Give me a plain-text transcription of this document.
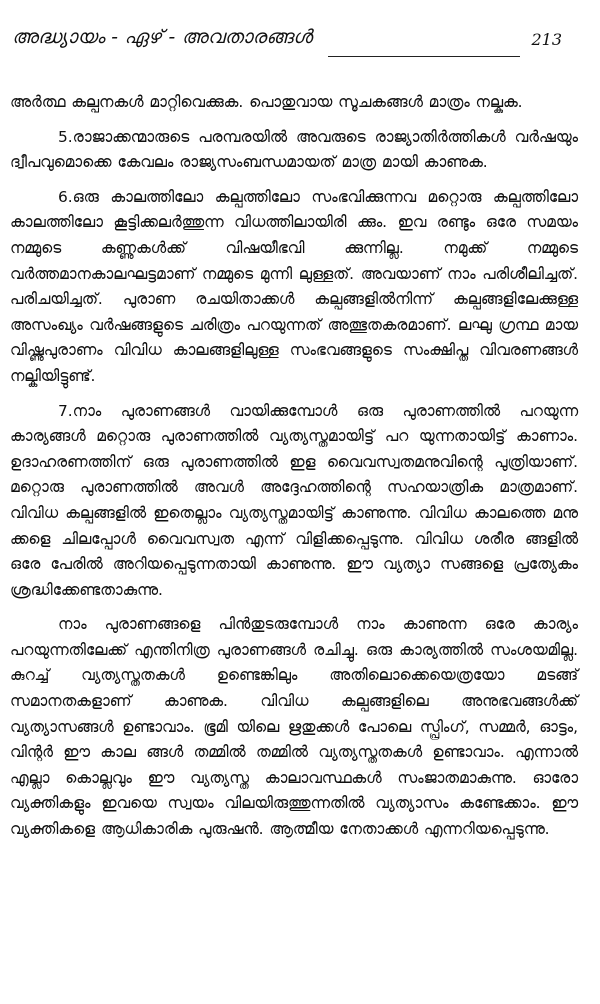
അദ്ധ്യായം - ഏഴ് - അവതാരങ്ങൾ	213

അർത്ഥ കല്പനകൾ മാറ്റിവെക്കുക. പൊതുവായ സൂചകങ്ങൾ മാത്രം നല്കുക.

5.രാജാക്കന്മാരുടെ പരമ്പരയിൽ അവരുടെ രാജ്യാതിർത്തികൾ വർഷയും ദ്വീപവുമൊക്കെ കേവലം രാജ്യസംബന്ധമായത് മാത്ര മായി കാണുക.

6.ഒരു കാലത്തിലോ കല്പത്തിലോ സംഭവിക്കുന്നവ മറ്റൊരു കല്പത്തിലോ കാലത്തിലോ കൂട്ടിക്കലർത്തുന്ന വിധത്തിലായിരി ക്കും. ഇവ രണ്ടും ഒരേ സമയം നമ്മുടെ കണ്ണുകൾക്ക് വിഷയീഭവി ക്കുന്നില്ല. നമുക്ക് നമ്മുടെ വർത്തമാനകാലഘട്ടമാണ് നമ്മുടെ മുന്നി ലുള്ളത്. അവയാണ് നാം പരിശീലിച്ചത്. പരിചയിച്ചത്. പുരാണ രചയിതാക്കൾ കല്പങ്ങളിൽനിന്ന് കല്പങ്ങളിലേക്കുള്ള അസംഖ്യം വർഷങ്ങളുടെ ചരിത്രം പറയുന്നത് അത്ഭുതകരമാണ്. ലഘു ഗ്രന്ഥ മായ വിഷ്ണുപുരാണം വിവിധ കാലങ്ങളിലുള്ള സംഭവങ്ങളുടെ സംക്ഷിപ്ത വിവരണങ്ങൾ നല്കിയിട്ടുണ്ട്.

7.നാം പുരാണങ്ങൾ വായിക്കുമ്പോൾ ഒരു പുരാണത്തിൽ പറയുന്ന കാര്യങ്ങൾ മറ്റൊരു പുരാണത്തിൽ വ്യത്യസ്തമായിട്ട് പറ യുന്നതായിട്ട് കാണാം. ഉദാഹരണത്തിന് ഒരു പുരാണത്തിൽ ഇള വൈവസ്വതമനുവിന്റെ പുത്രിയാണ്. മറ്റൊരു പുരാണത്തിൽ അവൾ അദ്ദേഹത്തിന്റെ സഹയാത്രിക മാത്രമാണ്. വിവിധ കല്പങ്ങളിൽ ഇതെല്ലാം വ്യത്യസ്തമായിട്ട് കാണുന്നു. വിവിധ കാലത്തെ മനു ക്കളെ ചിലപ്പോൾ വൈവസ്വത എന്ന് വിളിക്കപ്പെടുന്നു. വിവിധ ശരീര ങ്ങളിൽ ഒരേ പേരിൽ അറിയപ്പെടുന്നതായി കാണുന്നു. ഈ വ്യത്യാ സങ്ങളെ പ്രത്യേകം ശ്രദ്ധിക്കേണ്ടതാകുന്നു.

നാം പുരാണങ്ങളെ പിൻതുടരുമ്പോൾ നാം കാണുന്ന ഒരേ കാര്യം പറയുന്നതിലേക്ക് എന്തിനിത്ര പുരാണങ്ങൾ രചിച്ചു. ഒരു കാര്യത്തിൽ സംശയമില്ല. കുറച്ച് വ്യത്യസ്തതകൾ ഉണ്ടെങ്കിലും അതിലൊക്കെയെത്രയോ മടങ്ങ് സമാനതകളാണ് കാണുക. വിവിധ കല്പങ്ങളിലെ അനുഭവങ്ങൾക്ക് വ്യത്യാസങ്ങൾ ഉണ്ടാവാം. ഭൂമി യിലെ ഋതുക്കൾ പോലെ സ്പ്രിംഗ്, സമ്മർ, ഓട്ടം, വിന്റർ ഈ കാല ങ്ങൾ തമ്മിൽ തമ്മിൽ വ്യത്യസ്തതകൾ ഉണ്ടാവാം. എന്നാൽ എല്ലാ കൊല്ലവും ഈ വ്യത്യസ്ത കാലാവസ്ഥകൾ സംജാതമാകുന്നു. ഓരോ വ്യക്തികളും ഇവയെ സ്വയം വിലയിരുത്തുന്നതിൽ വ്യത്യാസം കണ്ടേക്കാം. ഈ വ്യക്തികളെ ആധികാരിക പുരുഷൻ. ആത്മീയ നേതാക്കൾ എന്നറിയപ്പെടുന്നു.
